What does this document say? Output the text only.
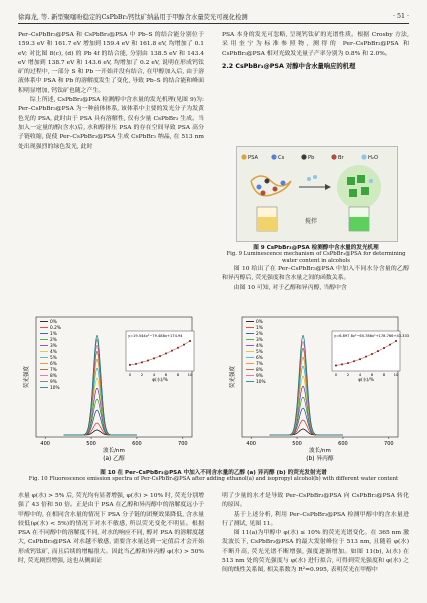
徐海龙, 等. 新型聚噻吩稳定的CsPbBr₃钙钛矿纳晶用于甲醇含水量荧光可视化检测	· 51 ·

Per–CsPbBr₃@PSA 和 CsPbBr₃@PSA 中 Pb–S 的结合能分别位于 159.3 eV 和 161.7 eV 增加到 159.4 eV 和 161.8 eV, 均增加了 0.1 eV; 对比图 8(c), (d) 的 Pb 4f 的结合能, 分别由 138.5 eV 和 143.4 eV 增加到 138.7 eV 和 143.6 eV, 均增加了 0.2 eV, 说明在形成钙钛矿的过程中, 一部分 S 和 Pb 一开始并没有结合, 在甲醇加入后, 由于溶液体系中 PSA 和 Pb 的溶解度发生了变化, 导致 Pb–S 的结合能和峰面积明显增加, 钙钛矿也随之产生。

综上所述, CsPbBr₃@PSA 检测醇中含水量的发光机理(见图 9)为: Per–CsPbBr₃@PSA 为一种前体体系, 该体系中主要的发光分子为发黄色光的 PSA, 此时由于 PSA 具有溶解性, 仅有少量 CsPbBr₃ 生成。当加入一定量的醇(含水)后, 水和醇挤压 PSA 的存在空间导致 PSA 高分子链收缩, 促使 Per–CsPbBr₃@PSA 生成 CsPbBr₃ 纳晶, 在 513 nm 处出现强烈的绿色发光, 此时

PSA 本身的发光可忽略, 呈现钙钛矿的光谱性质。根据 Crosby 方法, 采用奎宁为标准参照物, 测得的 Per–CsPbBr₃@PSA 和 CsPbBr₃@PSA 相对光致发光量子产率分别为 0.8% 和 2.0%。

2.2 CsPbBr₃@PSA 对醇中含水量响应的机理
PSA	Cs	Pb	Br	H₂O
搅拌
图 9 CsPbBr₃@PSA 检测醇中含水量的发光机理
Fig. 9 Luminescence mechanism of CsPbBr₃@PSA for determining water content in alcohols

图 10 给出了在 Per–CsPbBr₃@PSA 中加入不同水分含量的乙醇和异丙醇后, 荧光强度和含水量之间的函数关系。

由图 10 可知, 对于乙醇和异丙醇, 当醇中含

400	500	600	700
波长/nm
荧光强度
0%
0.2%
1%
2%
3%
4%
5%
6%
7%
8%
9%
10%
y=19.544x²−79.488x+174.94
0	2	4	6	8 10
φ(水)/%
(a) 乙醇
400	500	600	700
波长/nm
荧光强度
0%
1%
2%
3%
4%
5%
6%
7%
8%
9%
10%
y=6.897 8x²−65.786x²+178.766+43.333
0	2	4	6	8 10
φ(水)/%
(b) 异丙醇
图 10 在 Per–CsPbBr₃@PSA 中加入不同含水量的乙醇 (a) 异丙醇 (b) 的荧光发射光谱
Fig. 10 Fluorescence emission spectra of Per-CsPbBr₃@PSA after adding ethanol(a) and isopropyl alcohol(b) with different water content

水量 φ(水) > 5% 后, 荧光均有显著增强, φ(水) > 10% 时, 荧光分别增强了 43 倍和 50 倍。正是由于 PSA 在乙醇和异丙醇中的溶解度远小于甲醇中的, 在相同含水量的情况下 PSA 分子链的团聚效果降低, 含水量较低(φ(水) < 5%)的情况下对水不敏感, 所以荧光变化不明显。根据 PSA 在不同醇中的溶解度不同, 对水的响应不同, 醇对 PSA 的溶解度越大, CsPbBr₃@PSA 对水越不敏感, 需要含水量达到一定值后才会开始形成钙钛矿, 而且后续的增幅很大。因此当乙醇和异丙醇 φ(水) > 50% 时, 荧光剧烈增强, 这也从侧面证

明了少量的水才是导致 Per–CsPbBr₃@PSA 向 CsPbBr₃@PSA 转化的原因。

基于上述分析, 利用 Per–CsPbBr₃@PSA 检测甲醇中的含水量进行了测试, 见图 11。

图 11(a)为甲醇中 φ(水) ≤ 10% 的荧光光谱变化。在 365 nm 激发波长下, CsPbBr₃@PSA 的最大发射峰位于 513 nm, 且随着 φ(水) 不断升高, 荧光光谱不断增强, 强度逐渐增加。如图 11(b), λ(水) 在 513 nm 处的荧光强度与 φ(水) 进行拟合, 可得到荧光强度和 φ(水) 之间的线性关系图, 相关系数为 R²=0.995, 表明荧光在甲醇中
